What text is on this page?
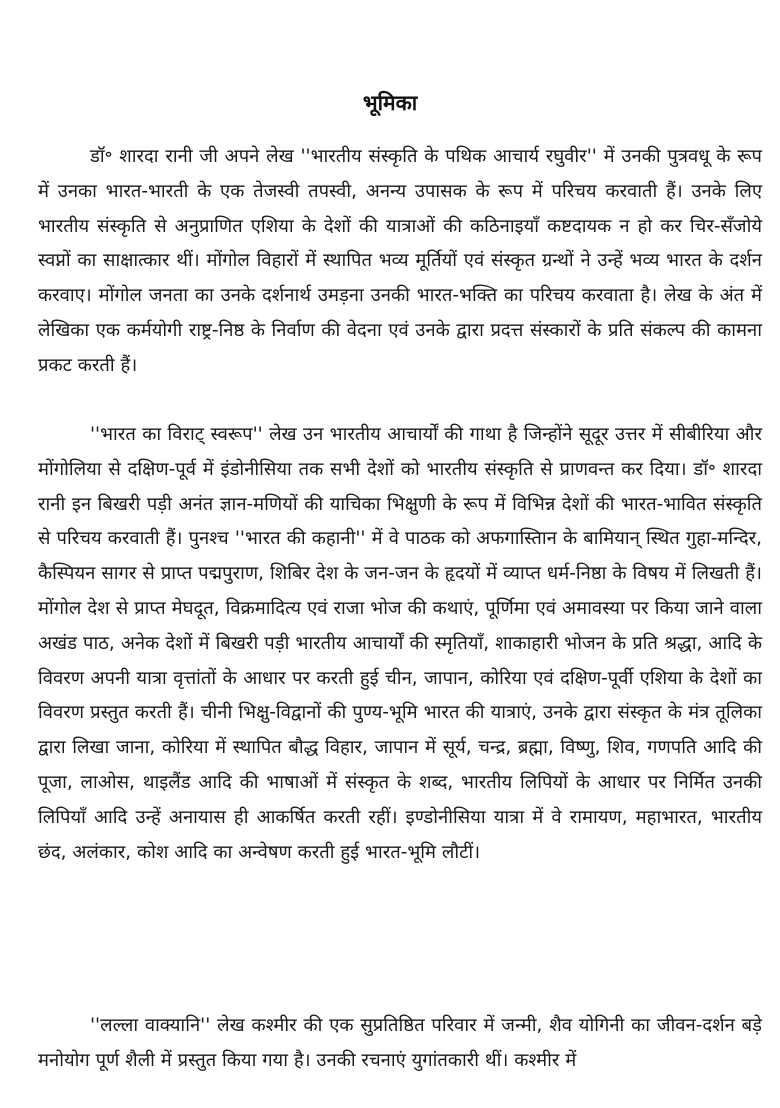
भूमिका

डॉ॰ शारदा रानी जी अपने लेख ''भारतीय संस्कृति के पथिक आचार्य रघुवीर'' में उनकी पुत्रवधू के रूप में उनका भारत-भारती के एक तेजस्वी तपस्वी, अनन्य उपासक के रूप में परिचय करवाती हैं। उनके लिए भारतीय संस्कृति से अनुप्राणित एशिया के देशों की यात्राओं की कठिनाइयाँ कष्टदायक न हो कर चिर-सँजोये स्वप्नों का साक्षात्कार थीं। मोंगोल विहारों में स्थापित भव्य मूर्तियों एवं संस्कृत ग्रन्थों ने उन्हें भव्य भारत के दर्शन करवाए। मोंगोल जनता का उनके दर्शनार्थ उमड़ना उनकी भारत-भक्ति का परिचय करवाता है। लेख के अंत में लेखिका एक कर्मयोगी राष्ट्र-निष्ठ के निर्वाण की वेदना एवं उनके द्वारा प्रदत्त संस्कारों के प्रति संकल्प की कामना प्रकट करती हैं।

''भारत का विराट् स्वरूप'' लेख उन भारतीय आचार्यों की गाथा है जिन्होंने सूदूर उत्तर में सीबीरिया और मोंगोलिया से दक्षिण-पूर्व में इंडोनीसिया तक सभी देशों को भारतीय संस्कृति से प्राणवन्त कर दिया। डॉ॰ शारदा रानी इन बिखरी पड़ी अनंत ज्ञान-मणियों की याचिका भिक्षुणी के रूप में विभिन्न देशों की भारत-भावित संस्कृति से परिचय करवाती हैं। पुनश्च ''भारत की कहानी'' में वे पाठक को अफगास्तिान के बामियान् स्थित गुहा-मन्दिर, कैस्पियन सागर से प्राप्त पद्मपुराण, शिबिर देश के जन-जन के हृदयों में व्याप्त धर्म-निष्ठा के विषय में लिखती हैं। मोंगोल देश से प्राप्त मेघदूत, विक्रमादित्य एवं राजा भोज की कथाएं, पूर्णिमा एवं अमावस्या पर किया जाने वाला अखंड पाठ, अनेक देशों में बिखरी पड़ी भारतीय आचार्यों की स्मृतियाँ, शाकाहारी भोजन के प्रति श्रद्धा, आदि के विवरण अपनी यात्रा वृत्तांतों के आधार पर करती हुई चीन, जापान, कोरिया एवं दक्षिण-पूर्वी एशिया के देशों का विवरण प्रस्तुत करती हैं। चीनी भिक्षु-विद्वानों की पुण्य-भूमि भारत की यात्राएं, उनके द्वारा संस्कृत के मंत्र तूलिका द्वारा लिखा जाना, कोरिया में स्थापित बौद्ध विहार, जापान में सूर्य, चन्द्र, ब्रह्मा, विष्णु, शिव, गणपति आदि की पूजा, लाओस, थाइलैंड आदि की भाषाओं में संस्कृत के शब्द, भारतीय लिपियों के आधार पर निर्मित उनकी लिपियाँ आदि उन्हें अनायास ही आकर्षित करती रहीं। इण्डोनीसिया यात्रा में वे रामायण, महाभारत, भारतीय छंद, अलंकार, कोश आदि का अन्वेषण करती हुई भारत-भूमि लौटीं।

''लल्ला वाक्यानि'' लेख कश्मीर की एक सुप्रतिष्ठित परिवार में जन्मी, शैव योगिनी का जीवन-दर्शन बड़े मनोयोग पूर्ण शैली में प्रस्तुत किया गया है। उनकी रचनाएं युगांतकारी थीं। कश्मीर में
